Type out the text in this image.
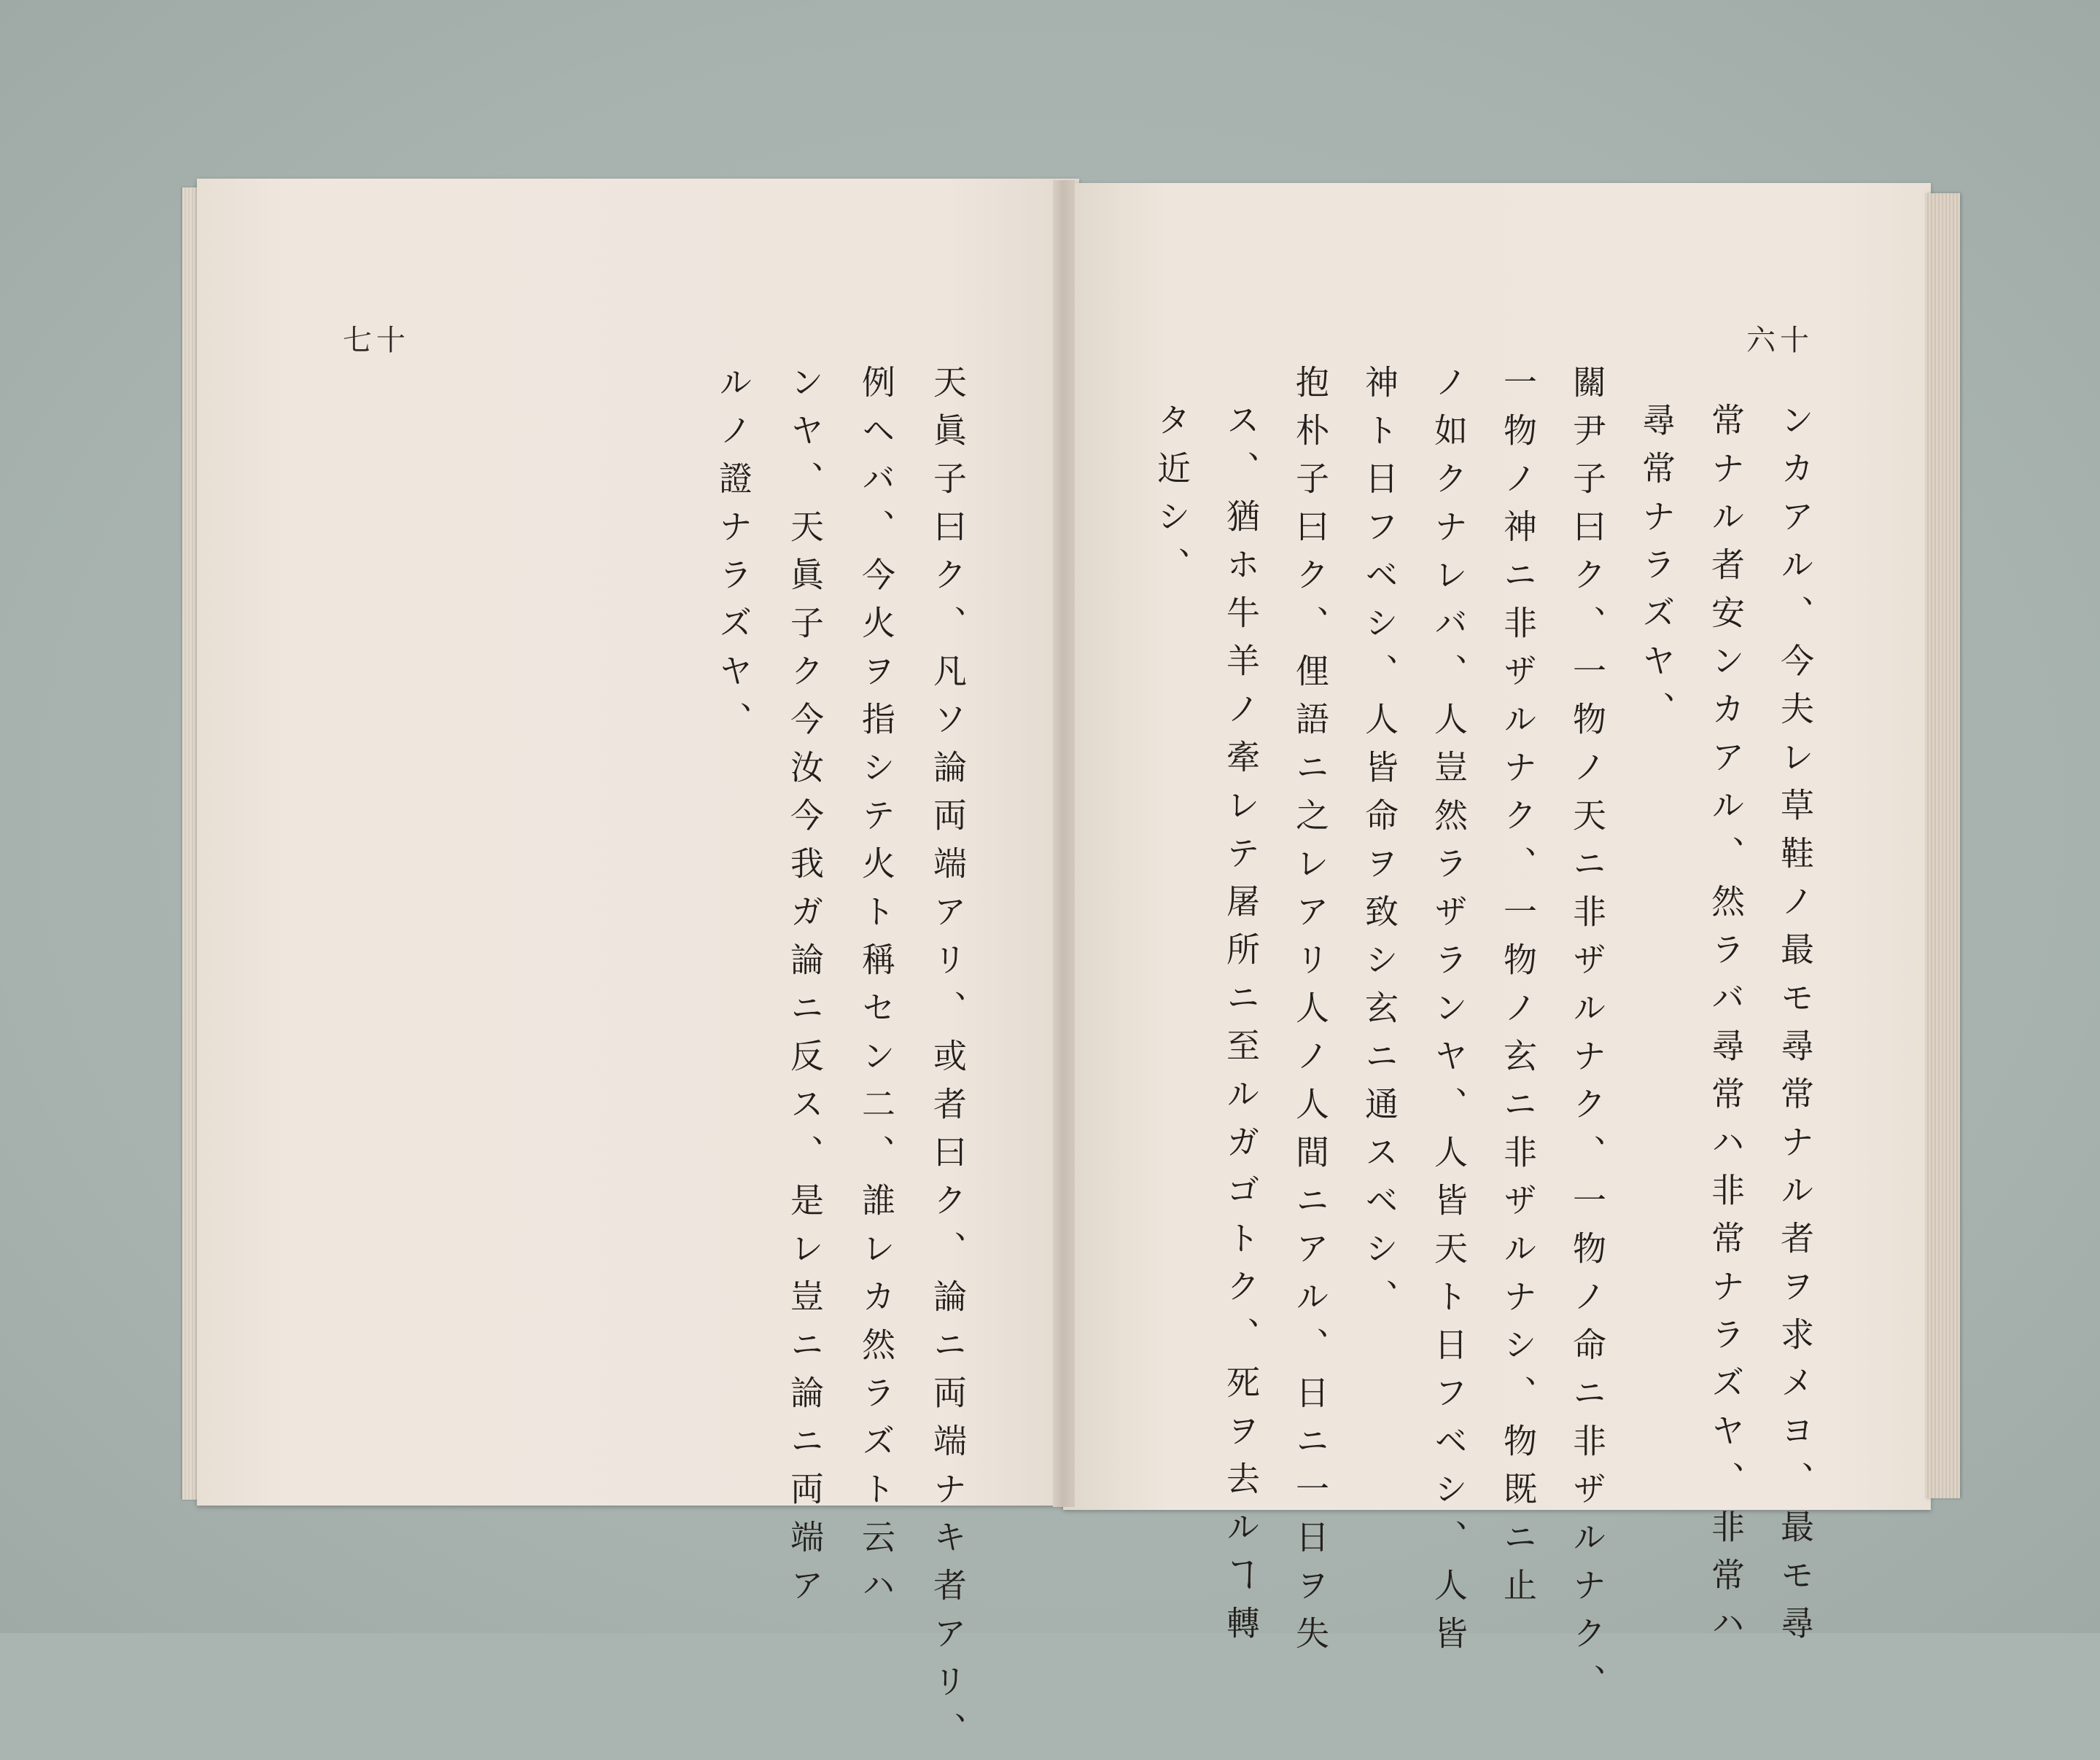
七十	六十
天眞子曰ク、凡ソ論両端アリ、或者曰ク、論ニ両端ナキ者アリ、
例ヘバ、今火ヲ指シテ火ト稱セン二、誰レカ然ラズト云ハ
ンヤ、天眞子ク今汝今我ガ論ニ反ス、是レ豈ニ論ニ両端ア
ルノ證ナラズヤ、	ンカアル、今夫レ草鞋ノ最モ尋常ナル者ヲ求メヨ、最モ尋
常ナル者安ンカアル、然ラバ尋常ハ非常ナラズヤ、非常ハ
尋常ナラズヤ、
關尹子曰ク、一物ノ天ニ非ザルナク、一物ノ命ニ非ザルナク、
一物ノ神ニ非ザルナク、一物ノ玄ニ非ザルナシ、物既ニ止
ノ如クナレバ、人豈然ラザランヤ、人皆天ト日フベシ、人皆
神ト日フベシ、人皆命ヲ致シ玄ニ通スベシ、
抱朴子曰ク、俚語ニ之レアリ人ノ人間ニアル、日ニ一日ヲ失
ス、猶ホ牛羊ノ牽レテ屠所ニ至ルガゴトク、死ヲ去ルヿ轉
タ近シ、
